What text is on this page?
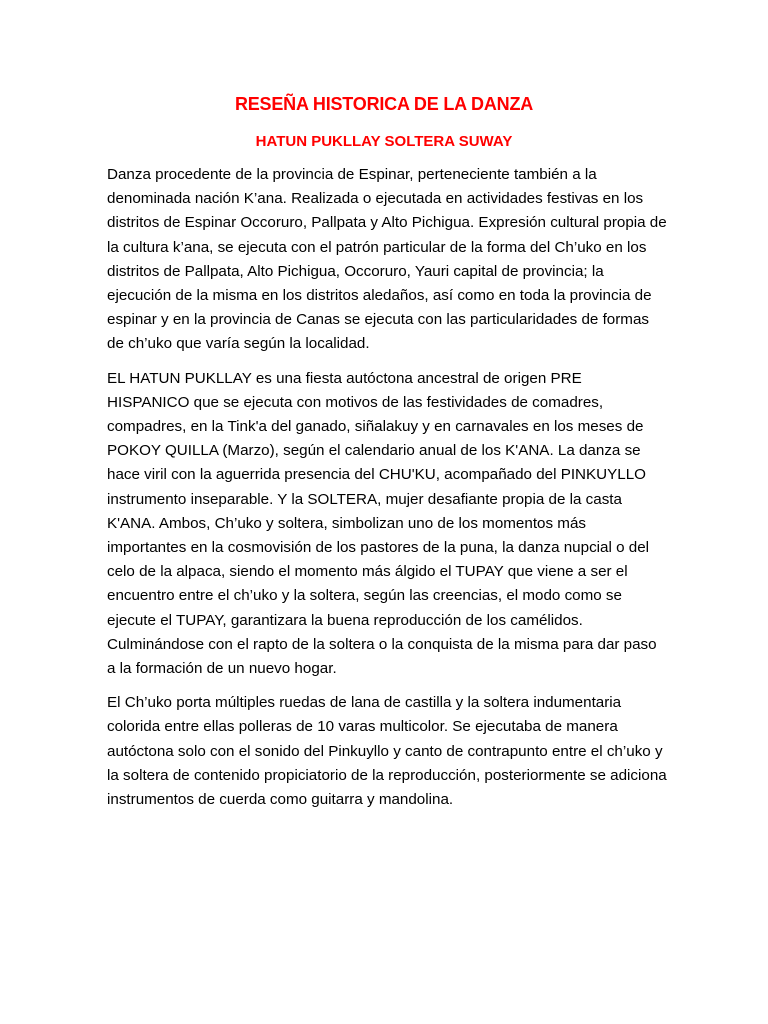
RESEÑA HISTORICA DE LA DANZA
HATUN PUKLLAY SOLTERA SUWAY

Danza procedente de la provincia de Espinar, perteneciente también a la denominada nación K’ana. Realizada o ejecutada en actividades festivas en los distritos de Espinar Occoruro, Pallpata y Alto Pichigua. Expresión cultural propia de la cultura k’ana, se ejecuta con el patrón particular de la forma del Ch’uko en los distritos de Pallpata, Alto Pichigua, Occoruro, Yauri capital de provincia; la ejecución de la misma en los distritos aledaños, así como en toda la provincia de espinar y en la provincia de Canas se ejecuta con las particularidades de formas de ch’uko que varía según la localidad.

EL HATUN PUKLLAY es una fiesta autóctona ancestral de origen PRE HISPANICO que se ejecuta con motivos de las festividades de comadres, compadres, en la Tink'a del ganado, siñalakuy y en carnavales en los meses de POKOY QUILLA (Marzo), según el calendario anual de los K'ANA. La danza se hace viril con la aguerrida presencia del CHU'KU, acompañado del PINKUYLLO instrumento inseparable. Y la SOLTERA, mujer desafiante propia de la casta K'ANA. Ambos, Ch’uko y soltera, simbolizan uno de los momentos más importantes en la cosmovisión de los pastores de la puna, la danza nupcial o del celo de la alpaca, siendo el momento más álgido el TUPAY que viene a ser el encuentro entre el ch’uko y la soltera, según las creencias, el modo como se ejecute el TUPAY, garantizara la buena reproducción de los camélidos. Culminándose con el rapto de la soltera o la conquista de la misma para dar paso a la formación de un nuevo hogar.

El Ch’uko porta múltiples ruedas de lana de castilla y la soltera indumentaria colorida entre ellas polleras de 10 varas multicolor. Se ejecutaba de manera autóctona solo con el sonido del Pinkuyllo y canto de contrapunto entre el ch’uko y la soltera de contenido propiciatorio de la reproducción, posteriormente se adiciona instrumentos de cuerda como guitarra y mandolina.
